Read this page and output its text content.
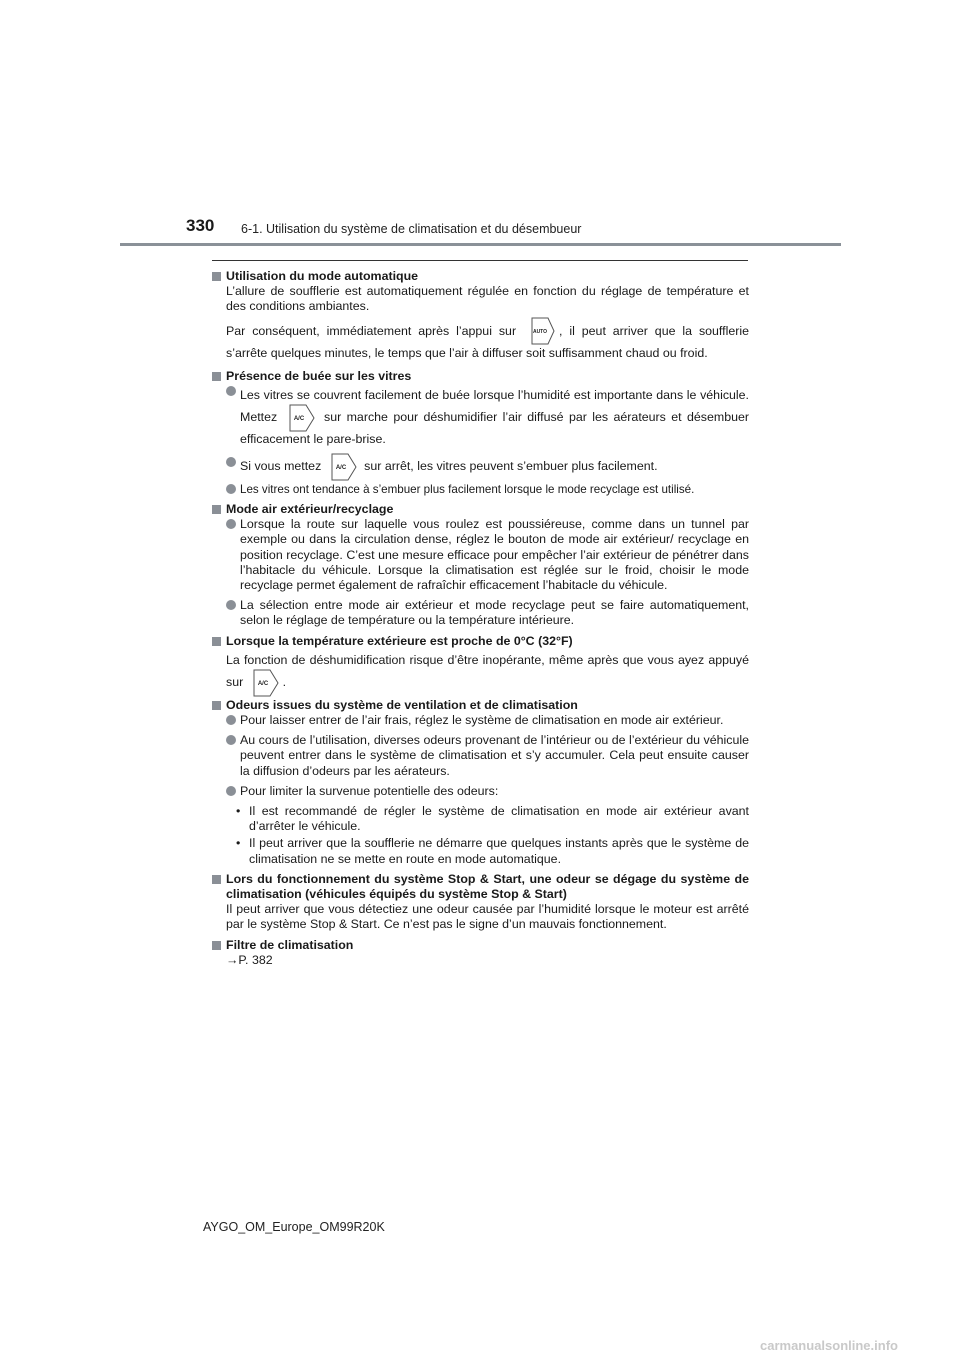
330 6-1. Utilisation du système de climatisation et du désembueur
Utilisation du mode automatique
L’allure de soufflerie est automatiquement régulée en fonction du réglage de température et des conditions ambiantes.
Par conséquent, immédiatement après l’appui sur	AUTO , il peut arriver que la soufflerie s’arrête quelques minutes, le temps que l’air à diffuser soit suffisamment chaud ou froid.
Présence de buée sur les vitres
Les vitres se couvrent facilement de buée lorsque l’humidité est importante dans le véhicule. Mettez	A/C sur marche pour déshumidifier l’air diffusé par les aérateurs et désembuer efficacement le pare-brise.
Si vous mettez A/C sur arrêt, les vitres peuvent s’embuer plus facilement.
Les vitres ont tendance à s’embuer plus facilement lorsque le mode recyclage est utilisé.
Mode air extérieur/recyclage
Lorsque la route sur laquelle vous roulez est poussiéreuse, comme dans un tunnel par exemple ou dans la circulation dense, réglez le bouton de mode air extérieur/ recyclage en position recyclage. C’est une mesure efficace pour empêcher l’air extérieur de pénétrer dans l’habitacle du véhicule. Lorsque la climatisation est réglée sur le froid, choisir le mode recyclage permet également de rafraîchir efficacement l’habitacle du véhicule.
La sélection entre mode air extérieur et mode recyclage peut se faire automatiquement, selon le réglage de température ou la température intérieure.
Lorsque la température extérieure est proche de 0°C (32°F)
La fonction de déshumidification risque d’être inopérante, même après que vous ayez appuyé sur A/C .
Odeurs issues du système de ventilation et de climatisation
Pour laisser entrer de l’air frais, réglez le système de climatisation en mode air extérieur.
Au cours de l’utilisation, diverses odeurs provenant de l’intérieur ou de l’extérieur du véhicule peuvent entrer dans le système de climatisation et s’y accumuler. Cela peut ensuite causer la diffusion d’odeurs par les aérateurs.
Pour limiter la survenue potentielle des odeurs:
• Il est recommandé de régler le système de climatisation en mode air extérieur avant d’arrêter le véhicule.
• Il peut arriver que la soufflerie ne démarre que quelques instants après que le système de climatisation ne se mette en route en mode automatique.
Lors du fonctionnement du système Stop & Start, une odeur se dégage du système de climatisation (véhicules équipés du système Stop & Start)
Il peut arriver que vous détectiez une odeur causée par l’humidité lorsque le moteur est arrêté par le système Stop & Start. Ce n’est pas le signe d’un mauvais fonctionnement.
Filtre de climatisation
→P. 382
AYGO_OM_Europe_OM99R20K
carmanualsonline.info
